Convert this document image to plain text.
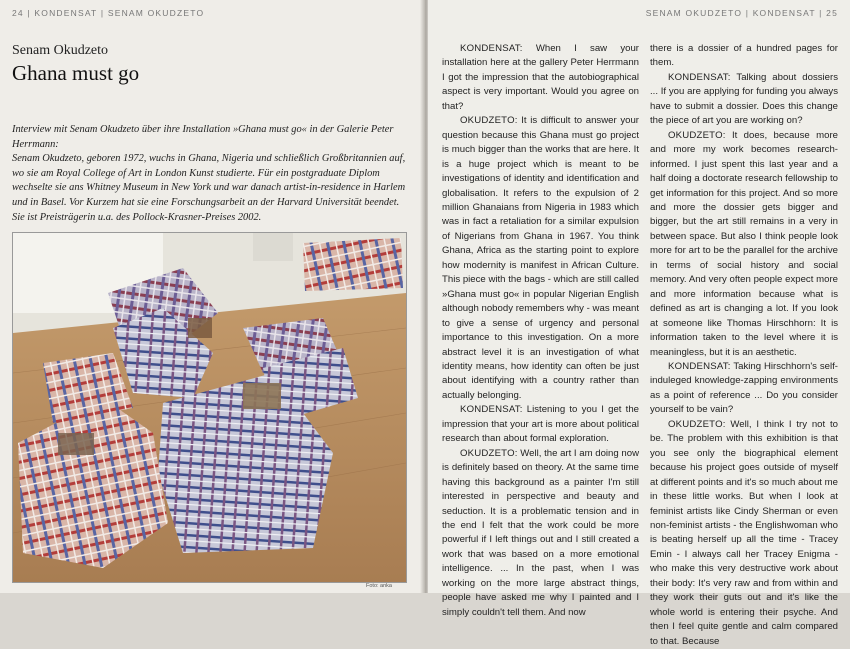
24 | KONDENSAT | SENAM OKUDZETO
Senam Okudzeto
Ghana must go

Interview mit Senam Okudzeto über ihre Installation »Ghana must go« in der Galerie Peter Herrmann:

Senam Okudzeto, geboren 1972, wuchs in Ghana, Nigeria und schließlich Großbritannien auf, wo sie am Royal College of Art in London Kunst studierte. Für ein postgraduate Diplom wechselte sie ans Whitney Museum in New York und war danach artist-in-residence in Harlem und in Basel. Vor Kurzem hat sie eine Forschungsarbeit an der Harvard Universität beendet. Sie ist Preisträgerin u.a. des Pollock-Krasner-Preises 2002.

Foto: anka
SENAM OKUDZETO | KONDENSAT | 25

KONDENSAT: When I saw your installation here at the gallery Peter Herrmann I got the impression that the autobiographical aspect is very important. Would you agree on that?

OKUDZETO: It is difficult to answer your question because this Ghana must go project is much bigger than the works that are here. It is a huge project which is meant to be investigations of identity and identification and globalisation. It refers to the expulsion of 2 million Ghanaians from Nigeria in 1983 which was in fact a retaliation for a similar expulsion of Nigerians from Ghana in 1967. You think Ghana, Africa as the starting point to explore how modernity is manifest in African Culture. This piece with the bags - which are still called »Ghana must go« in popular Nigerian English although nobody remembers why - was meant to give a sense of urgency and personal importance to this investigation. On a more abstract level it is an investigation of what identity means, how identity can often be just about identifying with a country rather than actually belonging.

KONDENSAT: Listening to you I get the impression that your art is more about political research than about formal exploration.

OKUDZETO: Well, the art I am doing now is definitely based on theory. At the same time having this background as a painter I'm still interested in perspective and beauty and seduction. It is a problematic tension and in the end I felt that the work could be more powerful if I left things out and I still created a work that was based on a more emotional intelligence. ... In the past, when I was working on the more large abstract things, people have asked me why I painted and I simply couldn't tell them. And now

there is a dossier of a hundred pages for them.

KONDENSAT: Talking about dossiers ... If you are applying for funding you always have to submit a dossier. Does this change the piece of art you are working on?

OKUDZETO: It does, because more and more my work becomes research-informed. I just spent this last year and a half doing a doctorate research fellowship to get information for this project. And so more and more the dossier gets bigger and bigger, but the art still remains in a very in between space. But also I think people look more for art to be the parallel for the archive in terms of social history and social memory. And very often people expect more and more information because what is defined as art is changing a lot. If you look at someone like Thomas Hirschhorn: It is information taken to the level where it is meaningless, but it is an aesthetic.

KONDENSAT: Taking Hirschhorn's self-induleged knowledge-zapping environments as a point of reference ... Do you consider yourself to be vain?

OKUDZETO: Well, I think I try not to be. The problem with this exhibition is that you see only the biographical element because his project goes outside of myself at different points and it's so much about me in these little works. But when I look at feminist artists like Cindy Sherman or even non-feminist artists - the Englishwoman who is beating herself up all the time - Tracey Emin - I always call her Tracey Enigma - who make this very destructive work about their body: It's very raw and from within and they work their guts out and it's like the whole world is entering their psyche. And then I feel quite gentle and calm compared to that. Because
